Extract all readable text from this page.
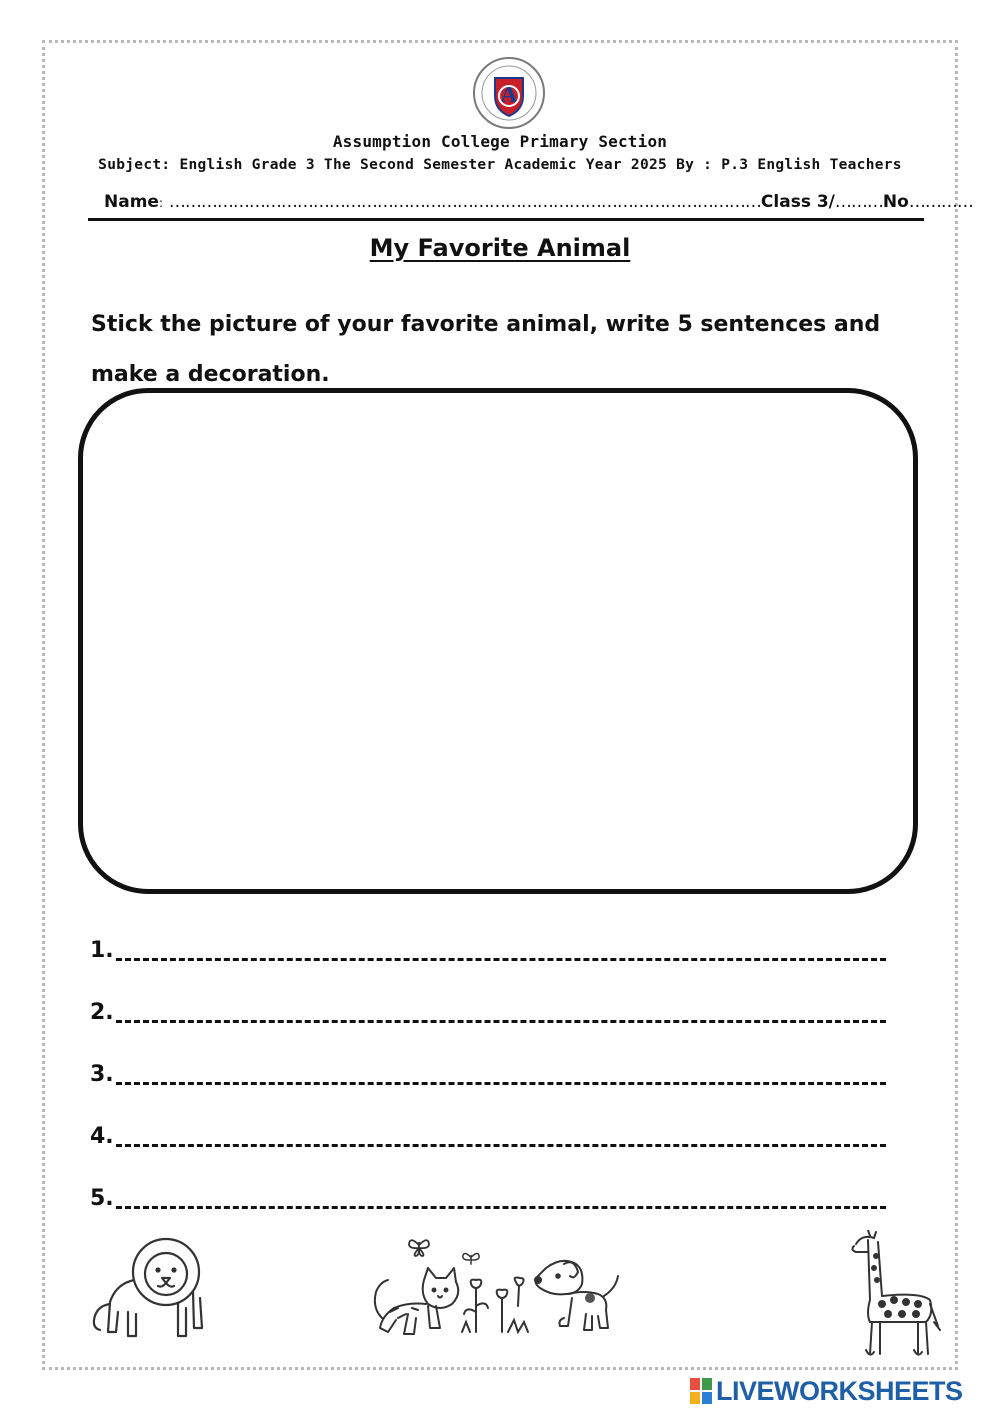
A
Assumption College Primary Section
Subject: English Grade 3 The Second Semester Academic Year 2025 By : P.3 English Teachers
Name: …………………………………………………………………………………………………Class 3/………No…………
My Favorite Animal
Stick the picture of your favorite animal, write 5 sentences and make a decoration.
1.
2.
3.
4.
5.
LIVEWORKSHEETS
